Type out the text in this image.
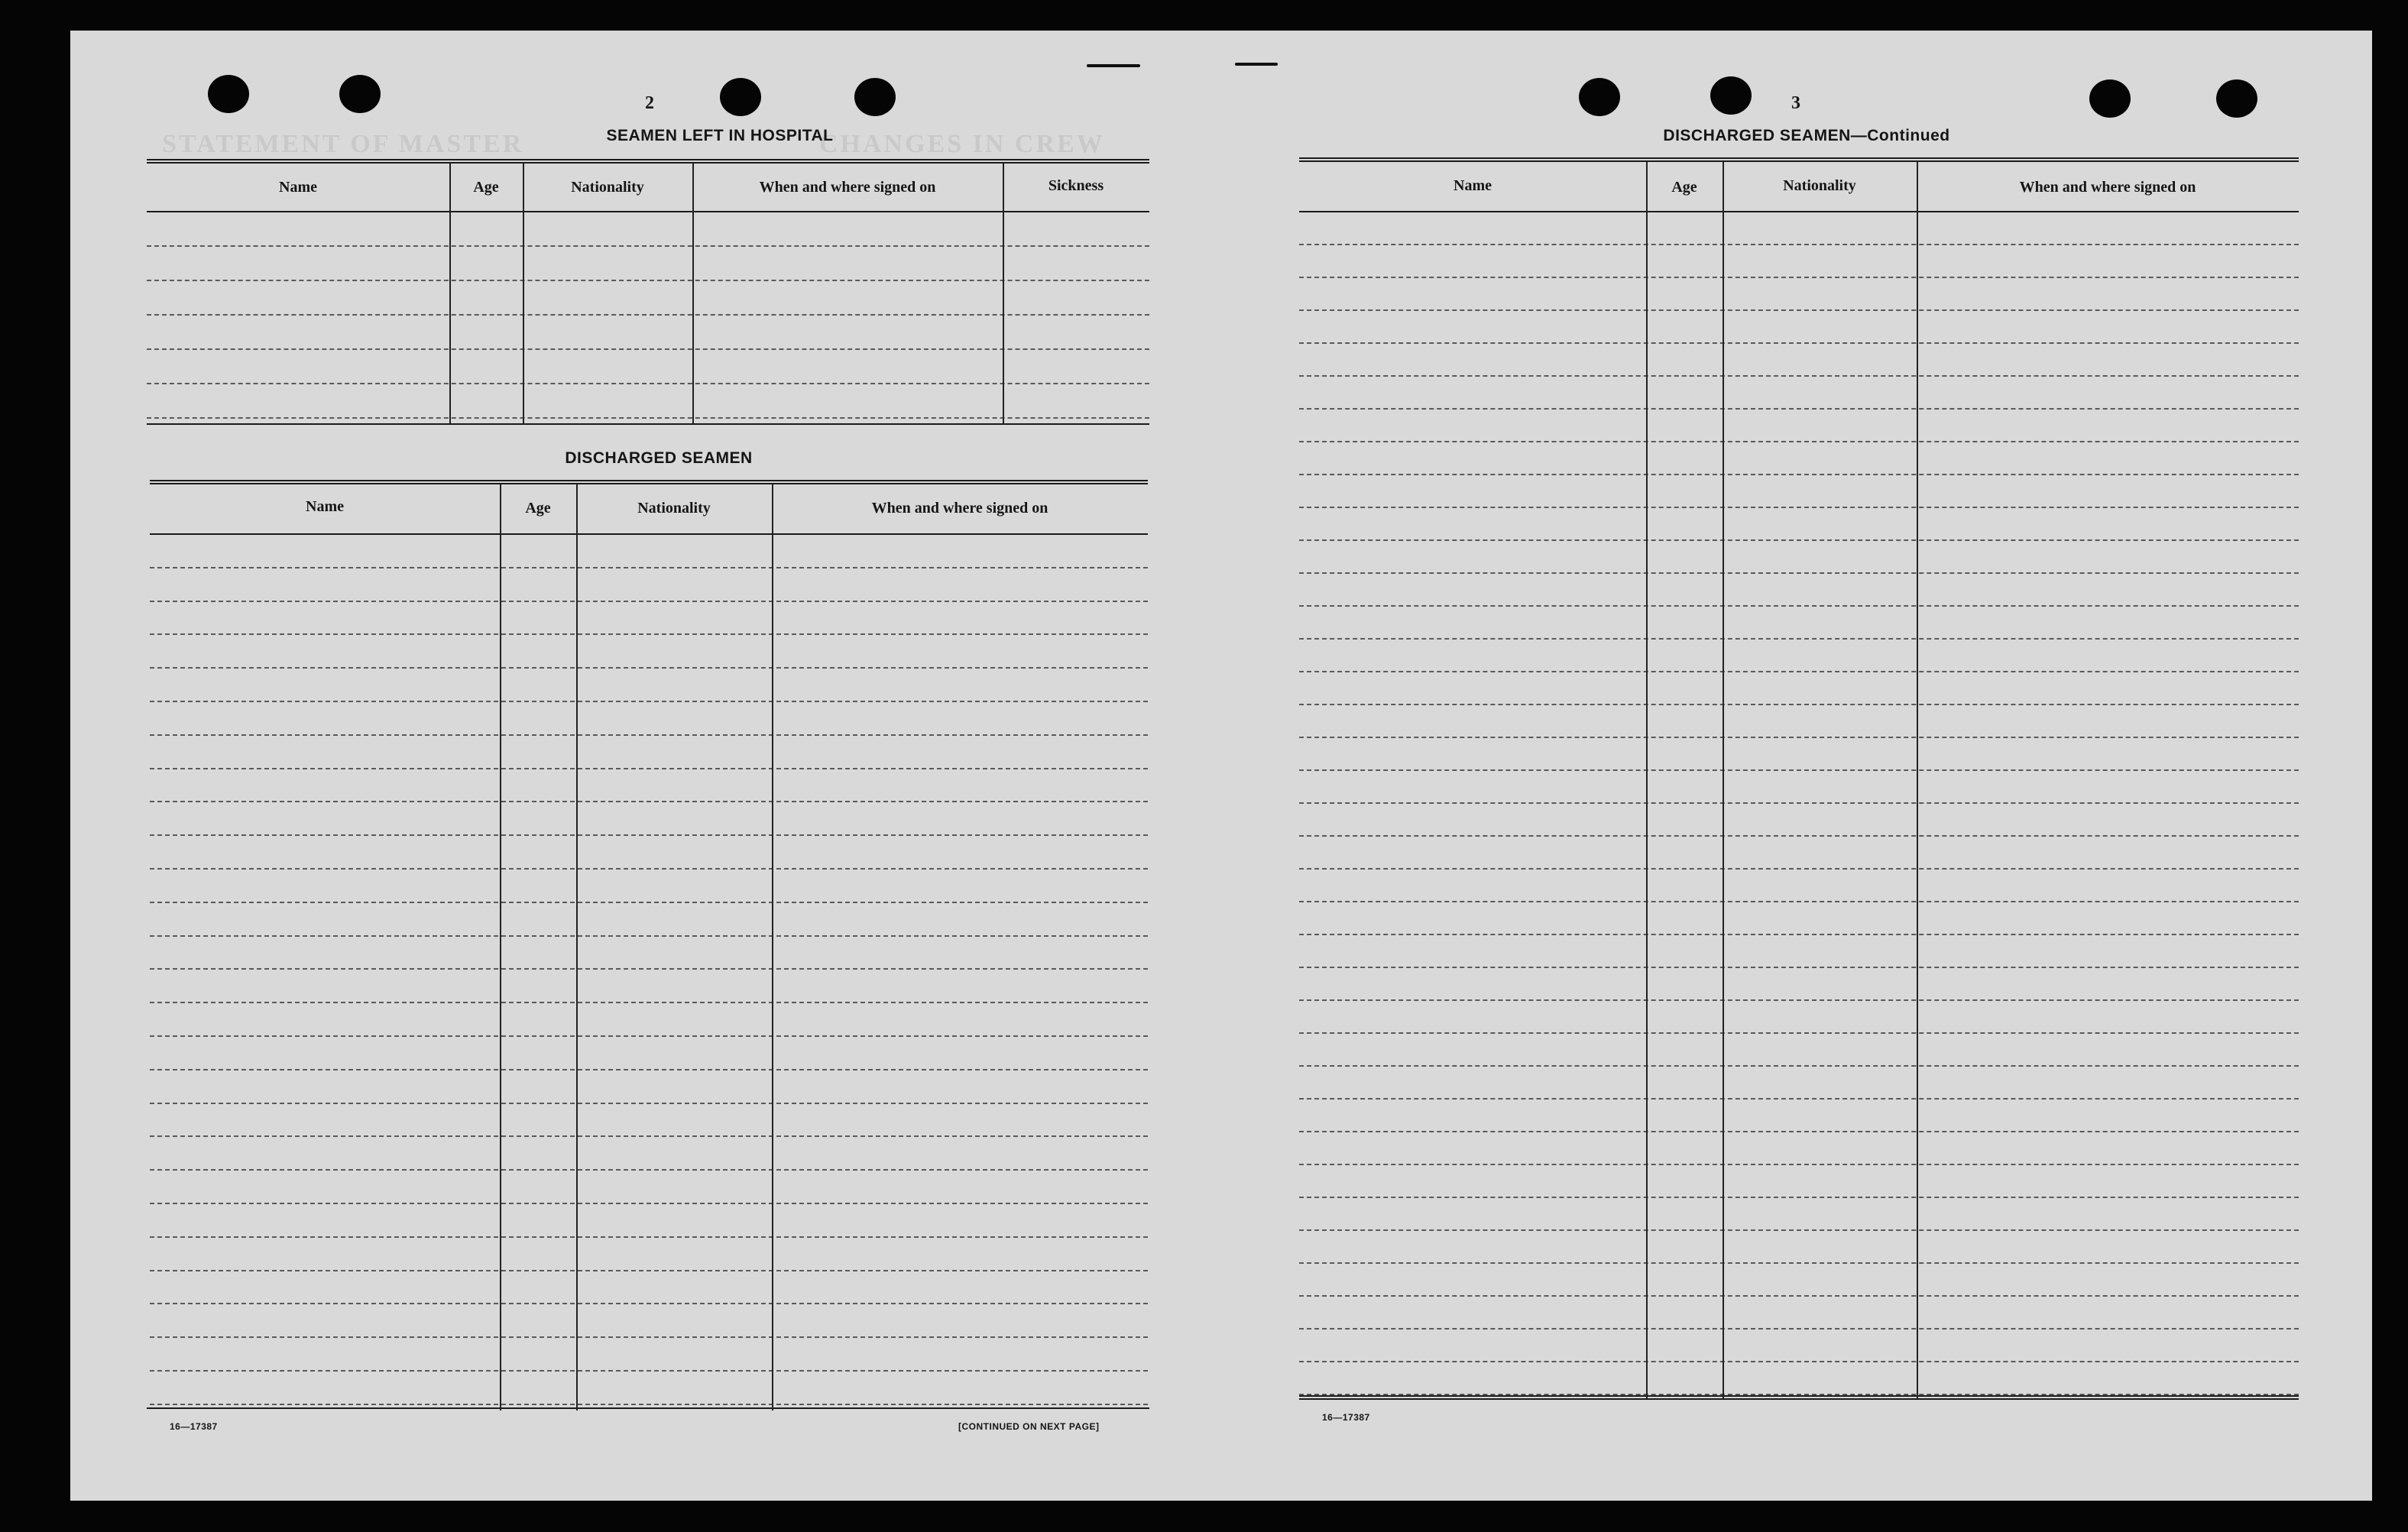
STATEMENT OF MASTER	CHANGES IN CREW
2
SEAMEN LEFT IN HOSPITAL
Name	Age	Nationality	When and where signed on	Sickness
DISCHARGED SEAMEN
Name	Age	Nationality	When and where signed on
16—17387	[CONTINUED ON NEXT PAGE]
3
DISCHARGED SEAMEN—Continued
Name	Age	Nationality	When and where signed on
16—17387
